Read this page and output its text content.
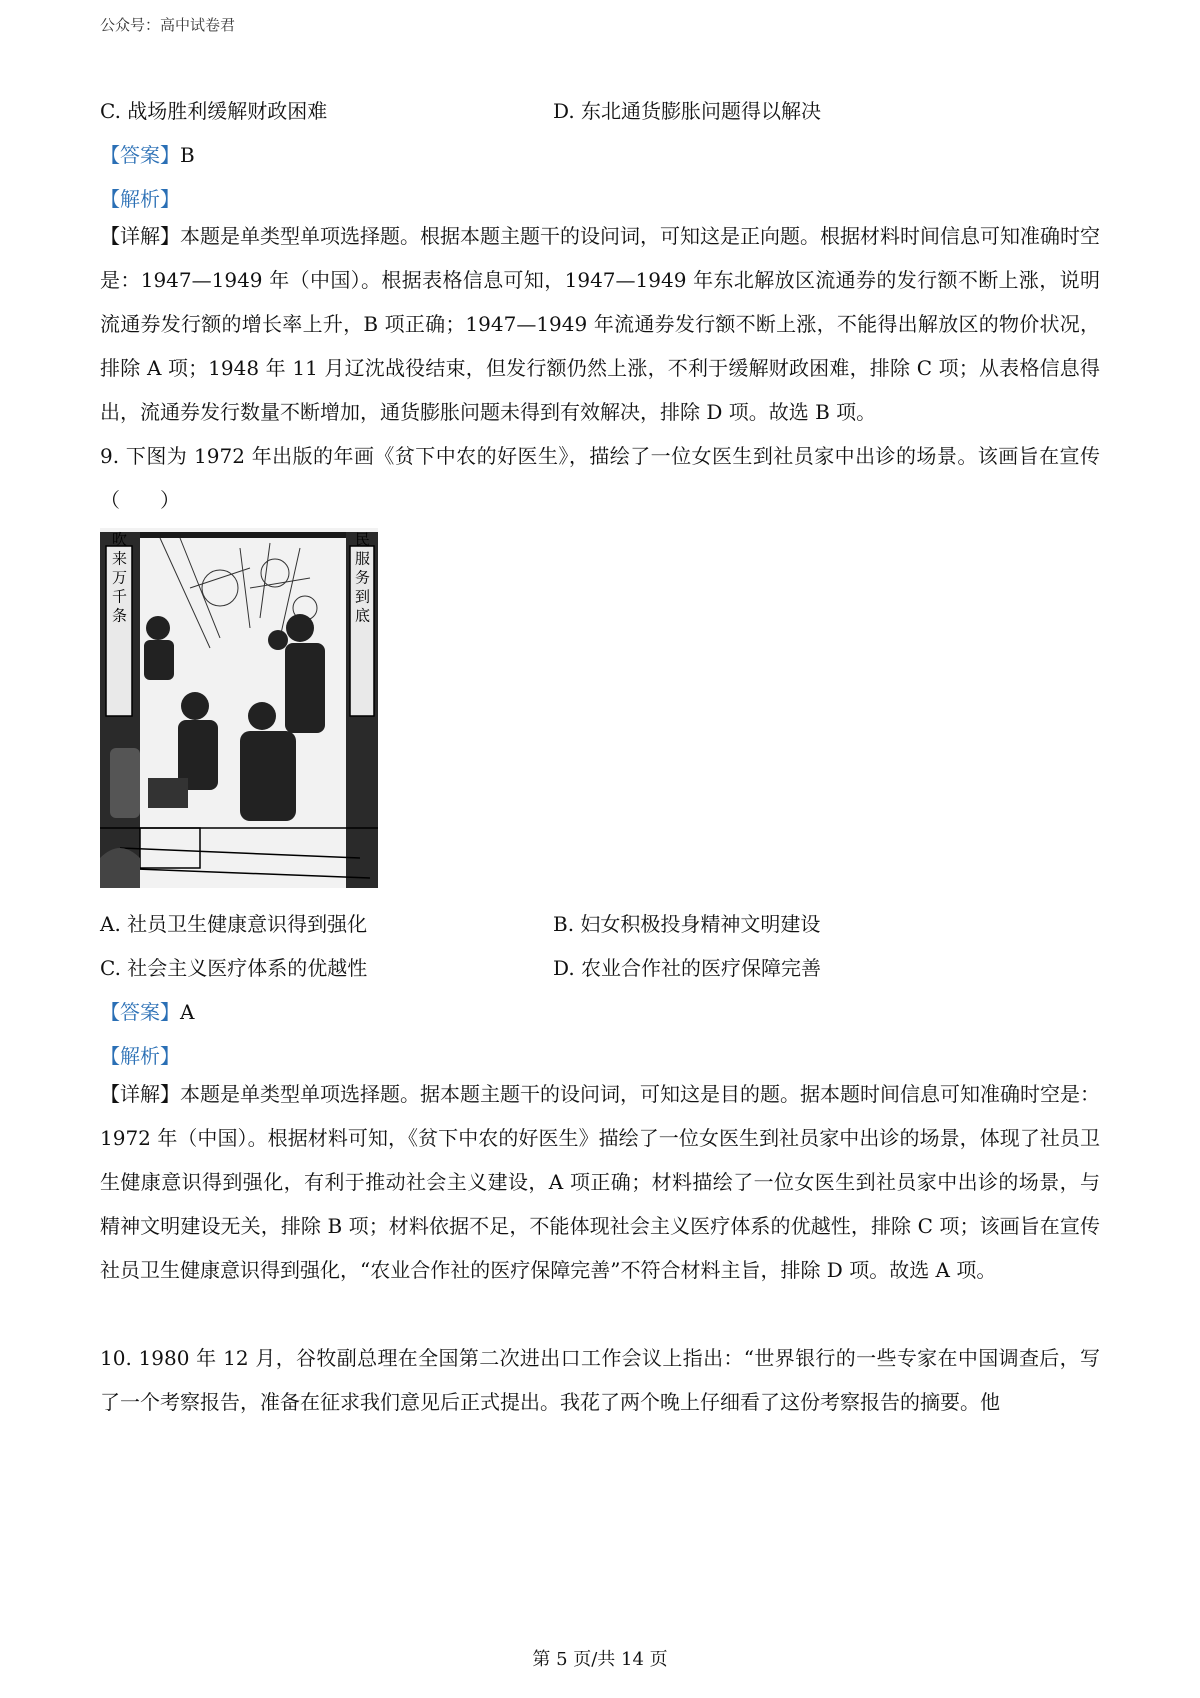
公众号：高中试卷君
C. 战场胜利缓解财政困难	D. 东北通货膨胀问题得以解决
【答案】B
【解析】
【详解】本题是单类型单项选择题。根据本题主题干的设问词，可知这是正向题。根据材料时间信息可知准确时空是：1947—1949 年（中国）。根据表格信息可知，1947—1949 年东北解放区流通券的发行额不断上涨，说明流通券发行额的增长率上升，B 项正确；1947—1949 年流通券发行额不断上涨，不能得出解放区的物价状况，排除 A 项；1948 年 11 月辽沈战役结束，但发行额仍然上涨，不利于缓解财政困难，排除 C 项；从表格信息得出，流通券发行数量不断增加，通货膨胀问题未得到有效解决，排除 D 项。故选 B 项。
9. 下图为 1972 年出版的年画《贫下中农的好医生》，描绘了一位女医生到社员家中出诊的场景。该画旨在宣传（　　）
春风吹来万千条	为人民服务到底
A. 社员卫生健康意识得到强化	B. 妇女积极投身精神文明建设
C. 社会主义医疗体系的优越性	D. 农业合作社的医疗保障完善
【答案】A
【解析】
【详解】本题是单类型单项选择题。据本题主题干的设问词，可知这是目的题。据本题时间信息可知准确时空是：1972 年（中国）。根据材料可知，《贫下中农的好医生》描绘了一位女医生到社员家中出诊的场景，体现了社员卫生健康意识得到强化，有利于推动社会主义建设，A 项正确；材料描绘了一位女医生到社员家中出诊的场景，与精神文明建设无关，排除 B 项；材料依据不足，不能体现社会主义医疗体系的优越性，排除 C 项；该画旨在宣传社员卫生健康意识得到强化，“农业合作社的医疗保障完善”不符合材料主旨，排除 D 项。故选 A 项。
10. 1980 年 12 月，谷牧副总理在全国第二次进出口工作会议上指出：“世界银行的一些专家在中国调查后，写了一个考察报告，准备在征求我们意见后正式提出。我花了两个晚上仔细看了这份考察报告的摘要。他
第 5 页/共 14 页
